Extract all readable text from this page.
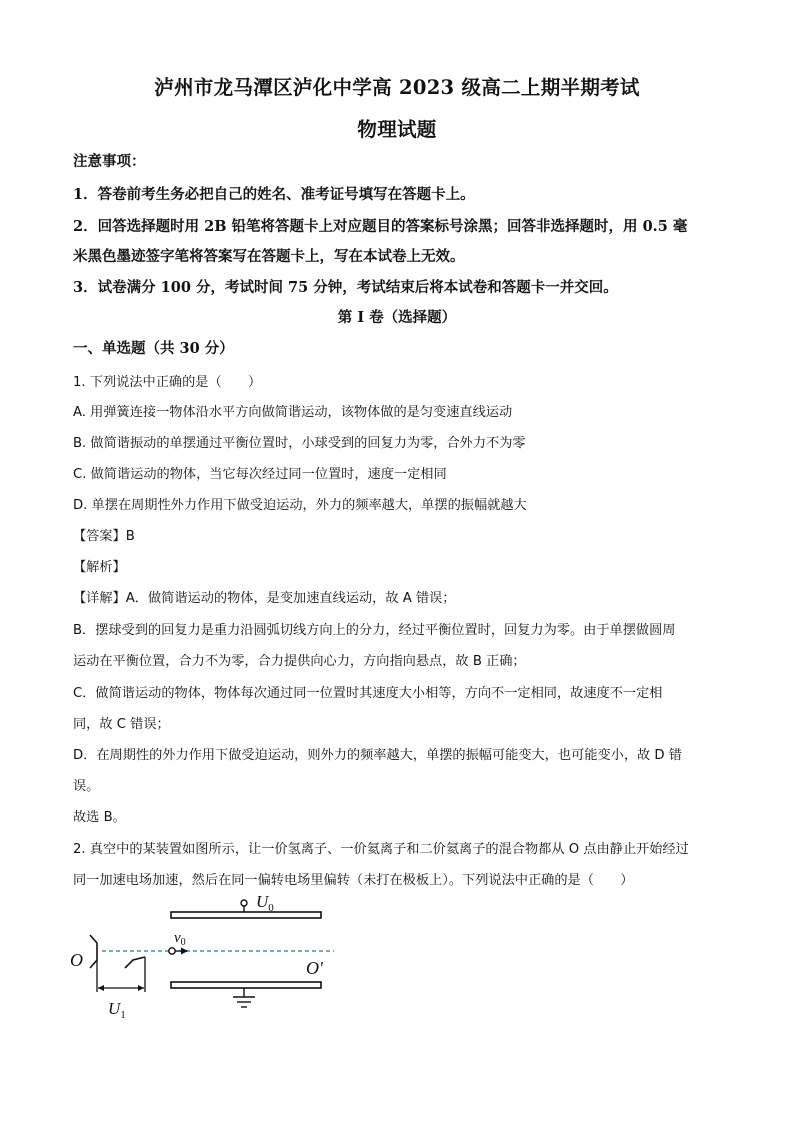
泸州市龙马潭区泸化中学高 2023 级高二上期半期考试
物理试题
注意事项：
1．答卷前考生务必把自己的姓名、准考证号填写在答题卡上。
2．回答选择题时用 2B 铅笔将答题卡上对应题目的答案标号涂黑；回答非选择题时，用 0.5 毫
米黑色墨迹签字笔将答案写在答题卡上，写在本试卷上无效。
3．试卷满分 100 分，考试时间 75 分钟，考试结束后将本试卷和答题卡一并交回。
第 I 卷（选择题）
一、单选题（共 30 分）
1. 下列说法中正确的是（　　）
A. 用弹簧连接一物体沿水平方向做简谐运动，该物体做的是匀变速直线运动
B. 做简谐振动的单摆通过平衡位置时，小球受到的回复力为零，合外力不为零
C. 做简谐运动的物体，当它每次经过同一位置时，速度一定相同
D. 单摆在周期性外力作用下做受迫运动，外力的频率越大，单摆的振幅就越大
【答案】B
【解析】
【详解】A．做简谐运动的物体，是变加速直线运动，故 A 错误；
B．摆球受到的回复力是重力沿圆弧切线方向上的分力，经过平衡位置时，回复力为零。由于单摆做圆周
运动在平衡位置，合力不为零，合力提供向心力，方向指向悬点，故 B 正确；
C．做简谐运动的物体，物体每次通过同一位置时其速度大小相等，方向不一定相同，故速度不一定相
同，故 C 错误；
D．在周期性的外力作用下做受迫运动，则外力的频率越大，单摆的振幅可能变大，也可能变小，故 D 错
误。
故选 B。
2. 真空中的某装置如图所示，让一价氢离子、一价氦离子和二价氦离子的混合物都从 O 点由静止开始经过
同一加速电场加速，然后在同一偏转电场里偏转（未打在极板上）。下列说法中正确的是（　　）
$U_0$
$v_0$
$U_1$
O	O′
